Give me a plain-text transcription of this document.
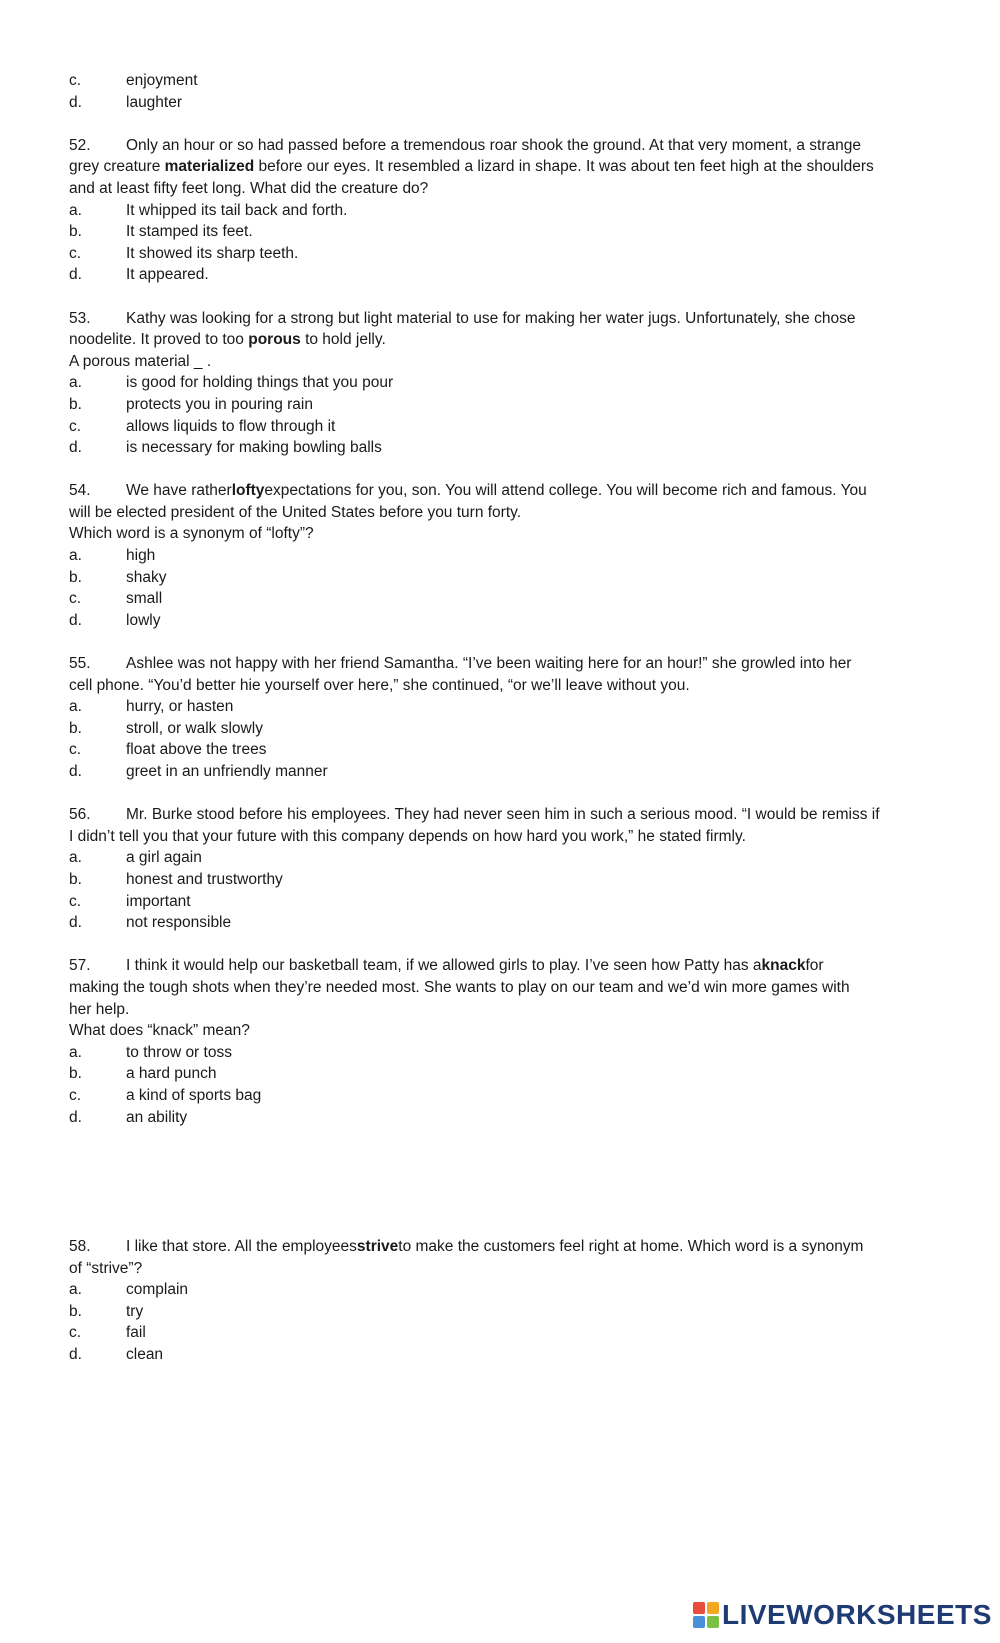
c.	enjoyment
d.	laughter
52.	Only an hour or so had passed before a tremendous roar shook the ground. At that very moment, a strange
grey creature materialized before our eyes. It resembled a lizard in shape. It was about ten feet high at the shoulders
and at least fifty feet long. What did the creature do?
a.	It whipped its tail back and forth.
b.	It stamped its feet.
c.	It showed its sharp teeth.
d.	It appeared.
53.	Kathy was looking for a strong but light material to use for making her water jugs. Unfortunately, she chose
noodelite. It proved to too porous to hold jelly.
A porous material _ .
a.	is good for holding things that you pour
b.	protects you in pouring rain
c.	allows liquids to flow through it
d.	is necessary for making bowling balls
54.	We have rather lofty expectations for you, son. You will attend college. You will become rich and famous. You
will be elected president of the United States before you turn forty.
Which word is a synonym of “lofty”?
a.	high
b.	shaky
c.	small
d.	lowly
55.	Ashlee was not happy with her friend Samantha. “I’ve been waiting here for an hour!” she growled into her
cell phone. “You’d better hie yourself over here,” she continued, “or we’ll leave without you.
a.	hurry, or hasten
b.	stroll, or walk slowly
c.	float above the trees
d.	greet in an unfriendly manner
56.	Mr. Burke stood before his employees. They had never seen him in such a serious mood. “I would be remiss if
I didn’t tell you that your future with this company depends on how hard you work,” he stated firmly.
a.	a girl again
b.	honest and trustworthy
c.	important
d.	not responsible
57.	I think it would help our basketball team, if we allowed girls to play. I’ve seen how Patty has a knack for
making the tough shots when they’re needed most. She wants to play on our team and we’d win more games with
her help.
What does “knack” mean?
a.	to throw or toss
b.	a hard punch
c.	a kind of sports bag
d.	an ability
58.	I like that store. All the employees strive to make the customers feel right at home. Which word is a synonym
of “strive”?
a.	complain
b.	try
c.	fail
d.	clean
LIVEWORKSHEETS
